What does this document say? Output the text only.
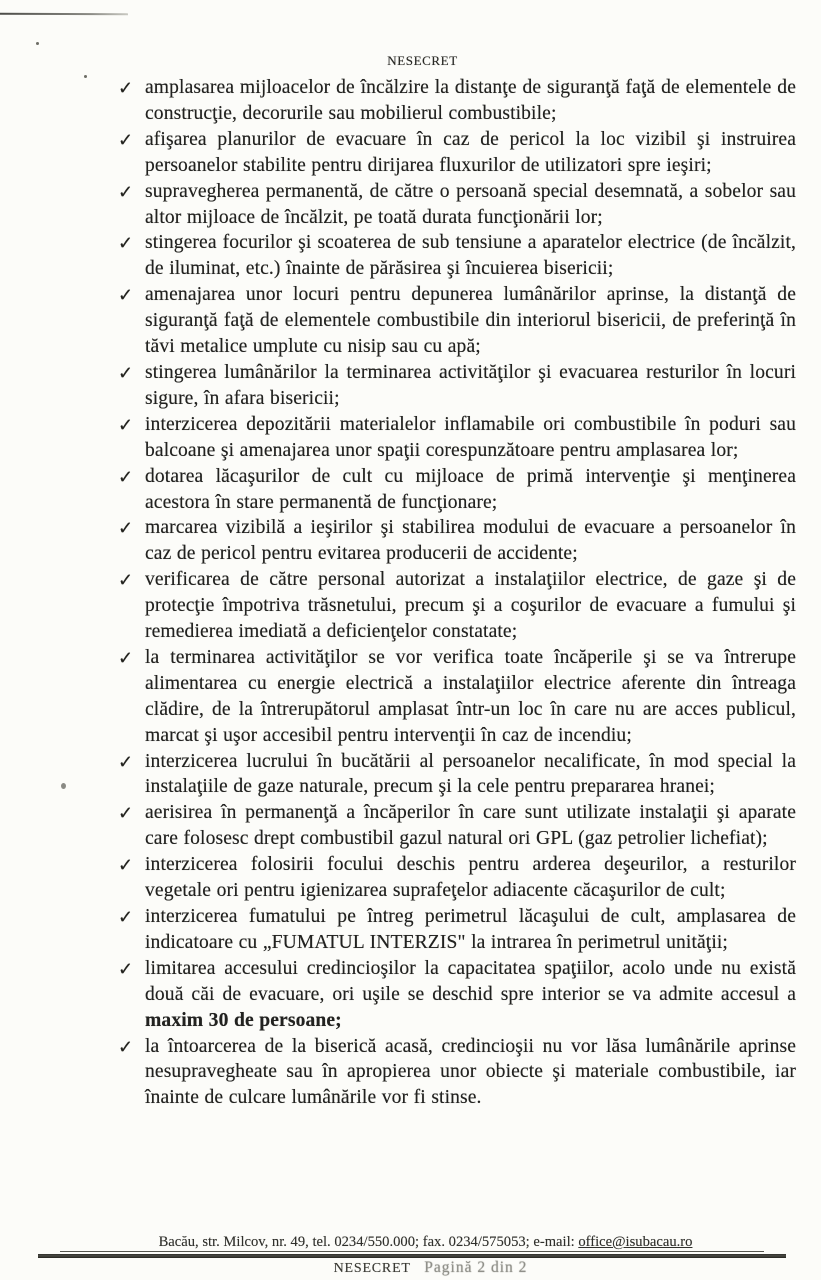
NESECRET
✓ amplasarea mijloacelor de încălzire la distanţe de siguranţă faţă de elementele de construcţie, decorurile sau mobilierul combustibile;
✓ afişarea planurilor de evacuare în caz de pericol la loc vizibil şi instruirea persoanelor stabilite pentru dirijarea fluxurilor de utilizatori spre ieşiri;
✓ supravegherea permanentă, de către o persoană special desemnată, a sobelor sau altor mijloace de încălzit, pe toată durata funcţionării lor;
✓ stingerea focurilor şi scoaterea de sub tensiune a aparatelor electrice (de încălzit, de iluminat, etc.) înainte de părăsirea şi încuierea bisericii;
✓ amenajarea unor locuri pentru depunerea lumânărilor aprinse, la distanţă de siguranţă faţă de elementele combustibile din interiorul bisericii, de preferinţă în tăvi metalice umplute cu nisip sau cu apă;
✓ stingerea lumânărilor la terminarea activităţilor şi evacuarea resturilor în locuri sigure, în afara bisericii;
✓ interzicerea depozitării materialelor inflamabile ori combustibile în poduri sau balcoane şi amenajarea unor spaţii corespunzătoare pentru amplasarea lor;
✓ dotarea lăcaşurilor de cult cu mijloace de primă intervenţie şi menţinerea acestora în stare permanentă de funcţionare;
✓ marcarea vizibilă a ieşirilor şi stabilirea modului de evacuare a persoanelor în caz de pericol pentru evitarea producerii de accidente;
✓ verificarea de către personal autorizat a instalaţiilor electrice, de gaze şi de protecţie împotriva trăsnetului, precum şi a coşurilor de evacuare a fumului şi remedierea imediată a deficienţelor constatate;
✓ la terminarea activităţilor se vor verifica toate încăperile şi se va întrerupe alimentarea cu energie electrică a instalaţiilor electrice aferente din întreaga clădire, de la întrerupătorul amplasat într-un loc în care nu are acces publicul, marcat şi uşor accesibil pentru intervenţii în caz de incendiu;
✓ interzicerea lucrului în bucătării al persoanelor necalificate, în mod special la instalaţiile de gaze naturale, precum şi la cele pentru prepararea hranei;
✓ aerisirea în permanenţă a încăperilor în care sunt utilizate instalaţii şi aparate care folosesc drept combustibil gazul natural ori GPL (gaz petrolier lichefiat);
✓ interzicerea folosirii focului deschis pentru arderea deşeurilor, a resturilor vegetale ori pentru igienizarea suprafeţelor adiacente căcaşurilor de cult;
✓ interzicerea fumatului pe întreg perimetrul lăcaşului de cult, amplasarea de indicatoare cu „FUMATUL INTERZIS" la intrarea în perimetrul unităţii;
✓ limitarea accesului credincioşilor la capacitatea spaţiilor, acolo unde nu există două căi de evacuare, ori uşile se deschid spre interior se va admite accesul a maxim 30 de persoane;
✓ la întoarcerea de la biserică acasă, credincioşii nu vor lăsa lumânările aprinse nesupravegheate sau în apropierea unor obiecte şi materiale combustibile, iar înainte de culcare lumânările vor fi stinse.
Bacău, str. Milcov, nr. 49, tel. 0234/550.000; fax. 0234/575053; e-mail: office@isubacau.ro
NESECRET Pagină 2 din 2
